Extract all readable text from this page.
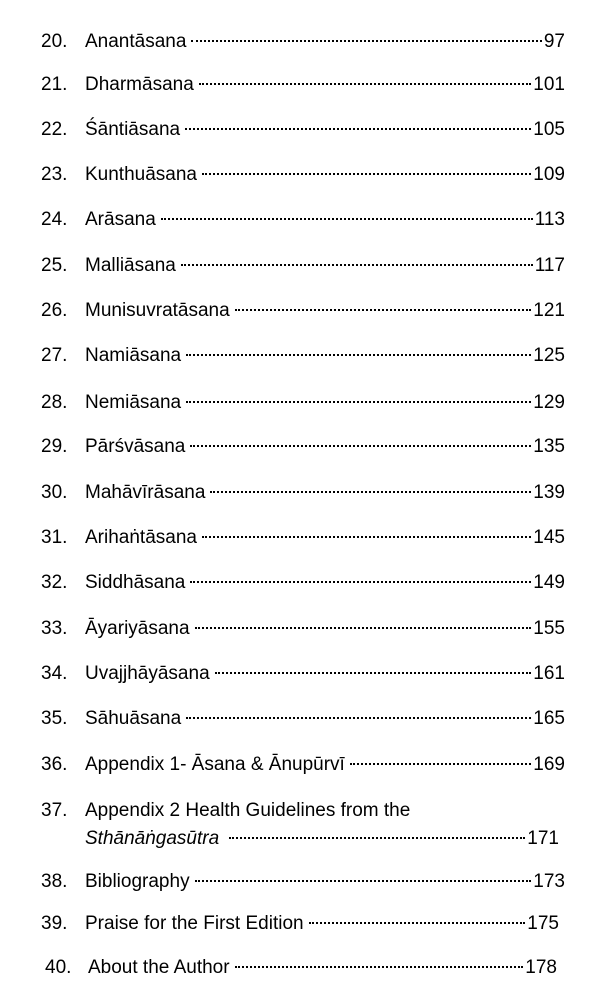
20. Anantāsana	97
21. Dharmāsana	101
22. Śāntiāsana	105
23. Kunthuāsana	109
24. Arāsana	113
25. Malliāsana	117
26. Munisuvratāsana	121
27. Namiāsana	125
28. Nemiāsana	129
29. Pārśvāsana	135
30. Mahāvīrāsana	139
31. Arihaṅtāsana	145
32. Siddhāsana	149
33. Āyariyāsana	155
34. Uvajjhāyāsana	161
35. Sāhuāsana	165
36. Appendix 1- Āsana & Ānupūrvī	169
37. Appendix 2 Health Guidelines from the
Sthānāṅgasūtra	171
38. Bibliography	173
39. Praise for the First Edition	175
40. About the Author	178
